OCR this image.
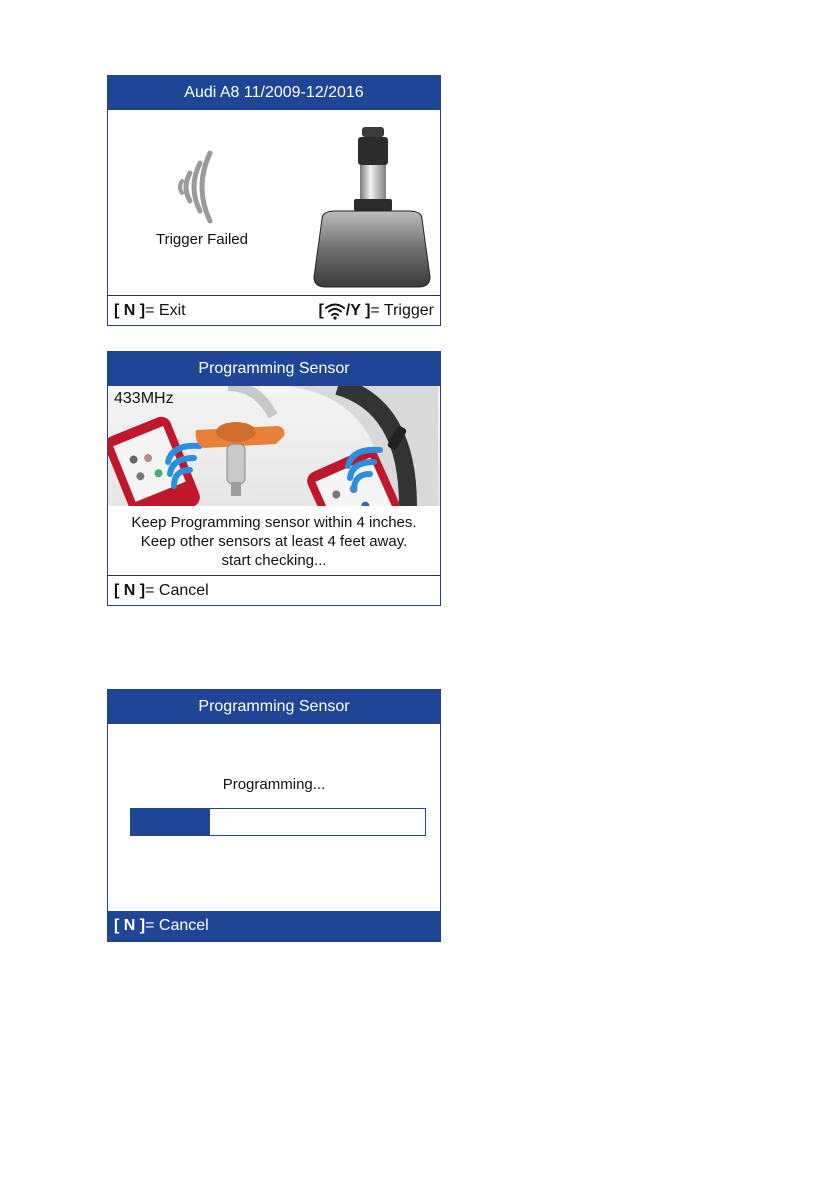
Audi A8 11/2009-12/2016
Trigger Failed
[ N ] = Exit	[ /Y ] = Trigger
Programming Sensor
433MHz
Keep Programming sensor within 4 inches.
Keep other sensors at least 4 feet away.
start checking...
[ N ] = Cancel
Programming Sensor
Programming...
[ N ] = Cancel
